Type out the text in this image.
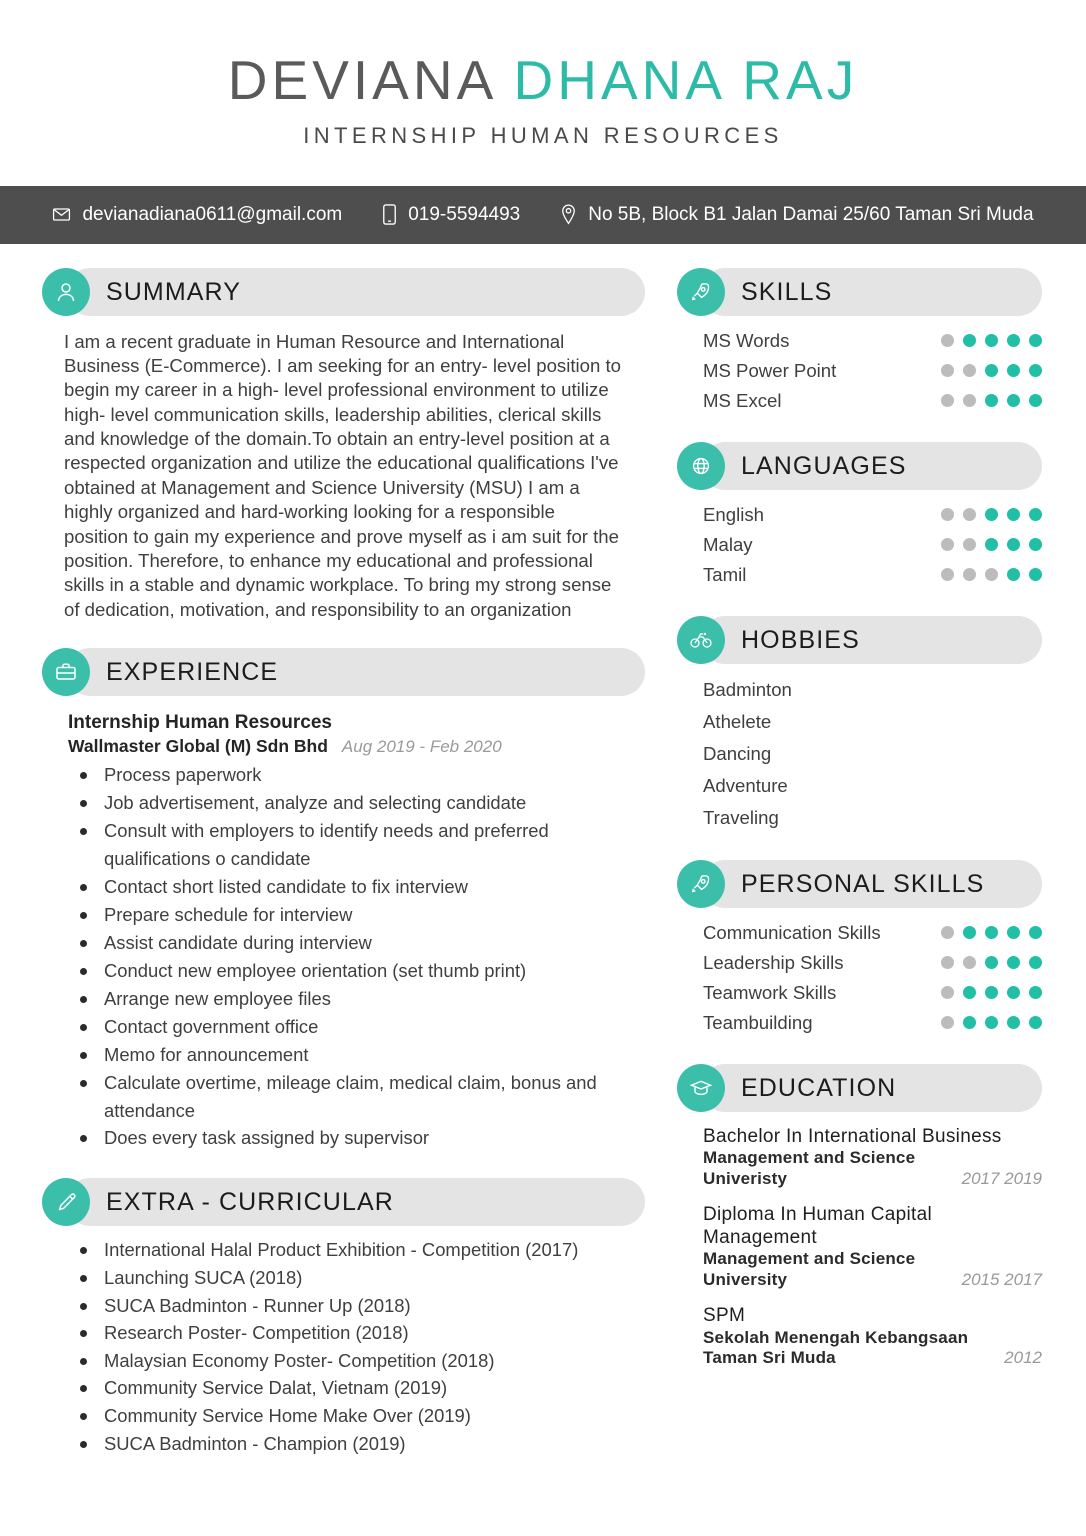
DEVIANA DHANA RAJ
INTERNSHIP HUMAN RESOURCES
devianadiana0611@gmail.com	019-5594493	No 5B, Block B1 Jalan Damai 25/60 Taman Sri Muda
SUMMARY
I am a recent graduate in Human Resource and International Business (E-Commerce). I am seeking for an entry- level position to begin my career in a high- level professional environment to utilize high- level communication skills, leadership abilities, clerical skills and knowledge of the domain.To obtain an entry-level position at a respected organization and utilize the educational qualifications I've obtained at Management and Science University (MSU) I am a highly organized and hard-working looking for a responsible position to gain my experience and prove myself as i am suit for the position. Therefore, to enhance my educational and professional skills in a stable and dynamic workplace. To bring my strong sense of dedication, motivation, and responsibility to an organization
EXPERIENCE
Internship Human Resources
Wallmaster Global (M) Sdn Bhd Aug 2019 - Feb 2020
Process paperwork
Job advertisement, analyze and selecting candidate
Consult with employers to identify needs and preferred qualifications o candidate
Contact short listed candidate to fix interview
Prepare schedule for interview
Assist candidate during interview
Conduct new employee orientation (set thumb print)
Arrange new employee files
Contact government office
Memo for announcement
Calculate overtime, mileage claim, medical claim, bonus and attendance
Does every task assigned by supervisor
EXTRA - CURRICULAR
International Halal Product Exhibition - Competition (2017)
Launching SUCA (2018)
SUCA Badminton - Runner Up (2018)
Research Poster- Competition (2018)
Malaysian Economy Poster- Competition (2018)
Community Service Dalat, Vietnam (2019)
Community Service Home Make Over (2019)
SUCA Badminton - Champion (2019)
SKILLS
MS Words
MS Power Point
MS Excel
LANGUAGES
English
Malay
Tamil
HOBBIES
Badminton
Athelete
Dancing
Adventure
Traveling
PERSONAL SKILLS
Communication Skills
Leadership Skills
Teamwork Skills
Teambuilding
EDUCATION
Bachelor In International Business
Management and Science Univeristy	2017 2019
Diploma In Human Capital Management
Management and Science University	2015 2017
SPM
Sekolah Menengah Kebangsaan Taman Sri Muda	2012
